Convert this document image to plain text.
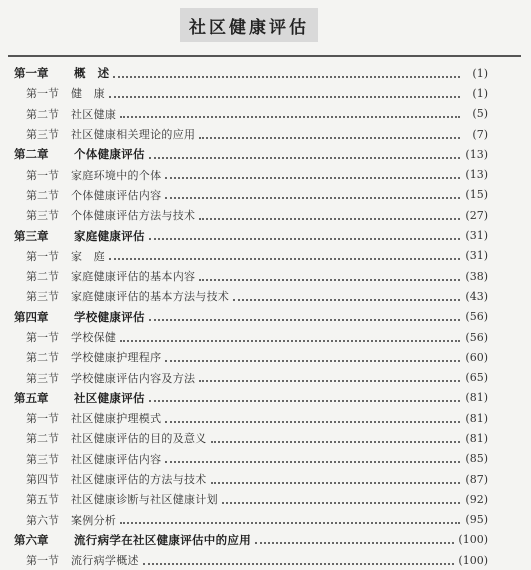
社区健康评估
第一章 概　述	(1)
第一节 健　康	(1)
第二节 社区健康	(5)
第三节 社区健康相关理论的应用	(7)
第二章 个体健康评估	(13)
第一节 家庭环境中的个体	(13)
第二节 个体健康评估内容	(15)
第三节 个体健康评估方法与技术	(27)
第三章 家庭健康评估	(31)
第一节 家　庭	(31)
第二节 家庭健康评估的基本内容	(38)
第三节 家庭健康评估的基本方法与技术	(43)
第四章 学校健康评估	(56)
第一节 学校保健	(56)
第二节 学校健康护理程序	(60)
第三节 学校健康评估内容及方法	(65)
第五章 社区健康评估	(81)
第一节 社区健康护理模式	(81)
第二节 社区健康评估的目的及意义	(81)
第三节 社区健康评估内容	(85)
第四节 社区健康评估的方法与技术	(87)
第五节 社区健康诊断与社区健康计划	(92)
第六节 案例分析	(95)
第六章 流行病学在社区健康评估中的应用	(100)
第一节 流行病学概述	(100)
